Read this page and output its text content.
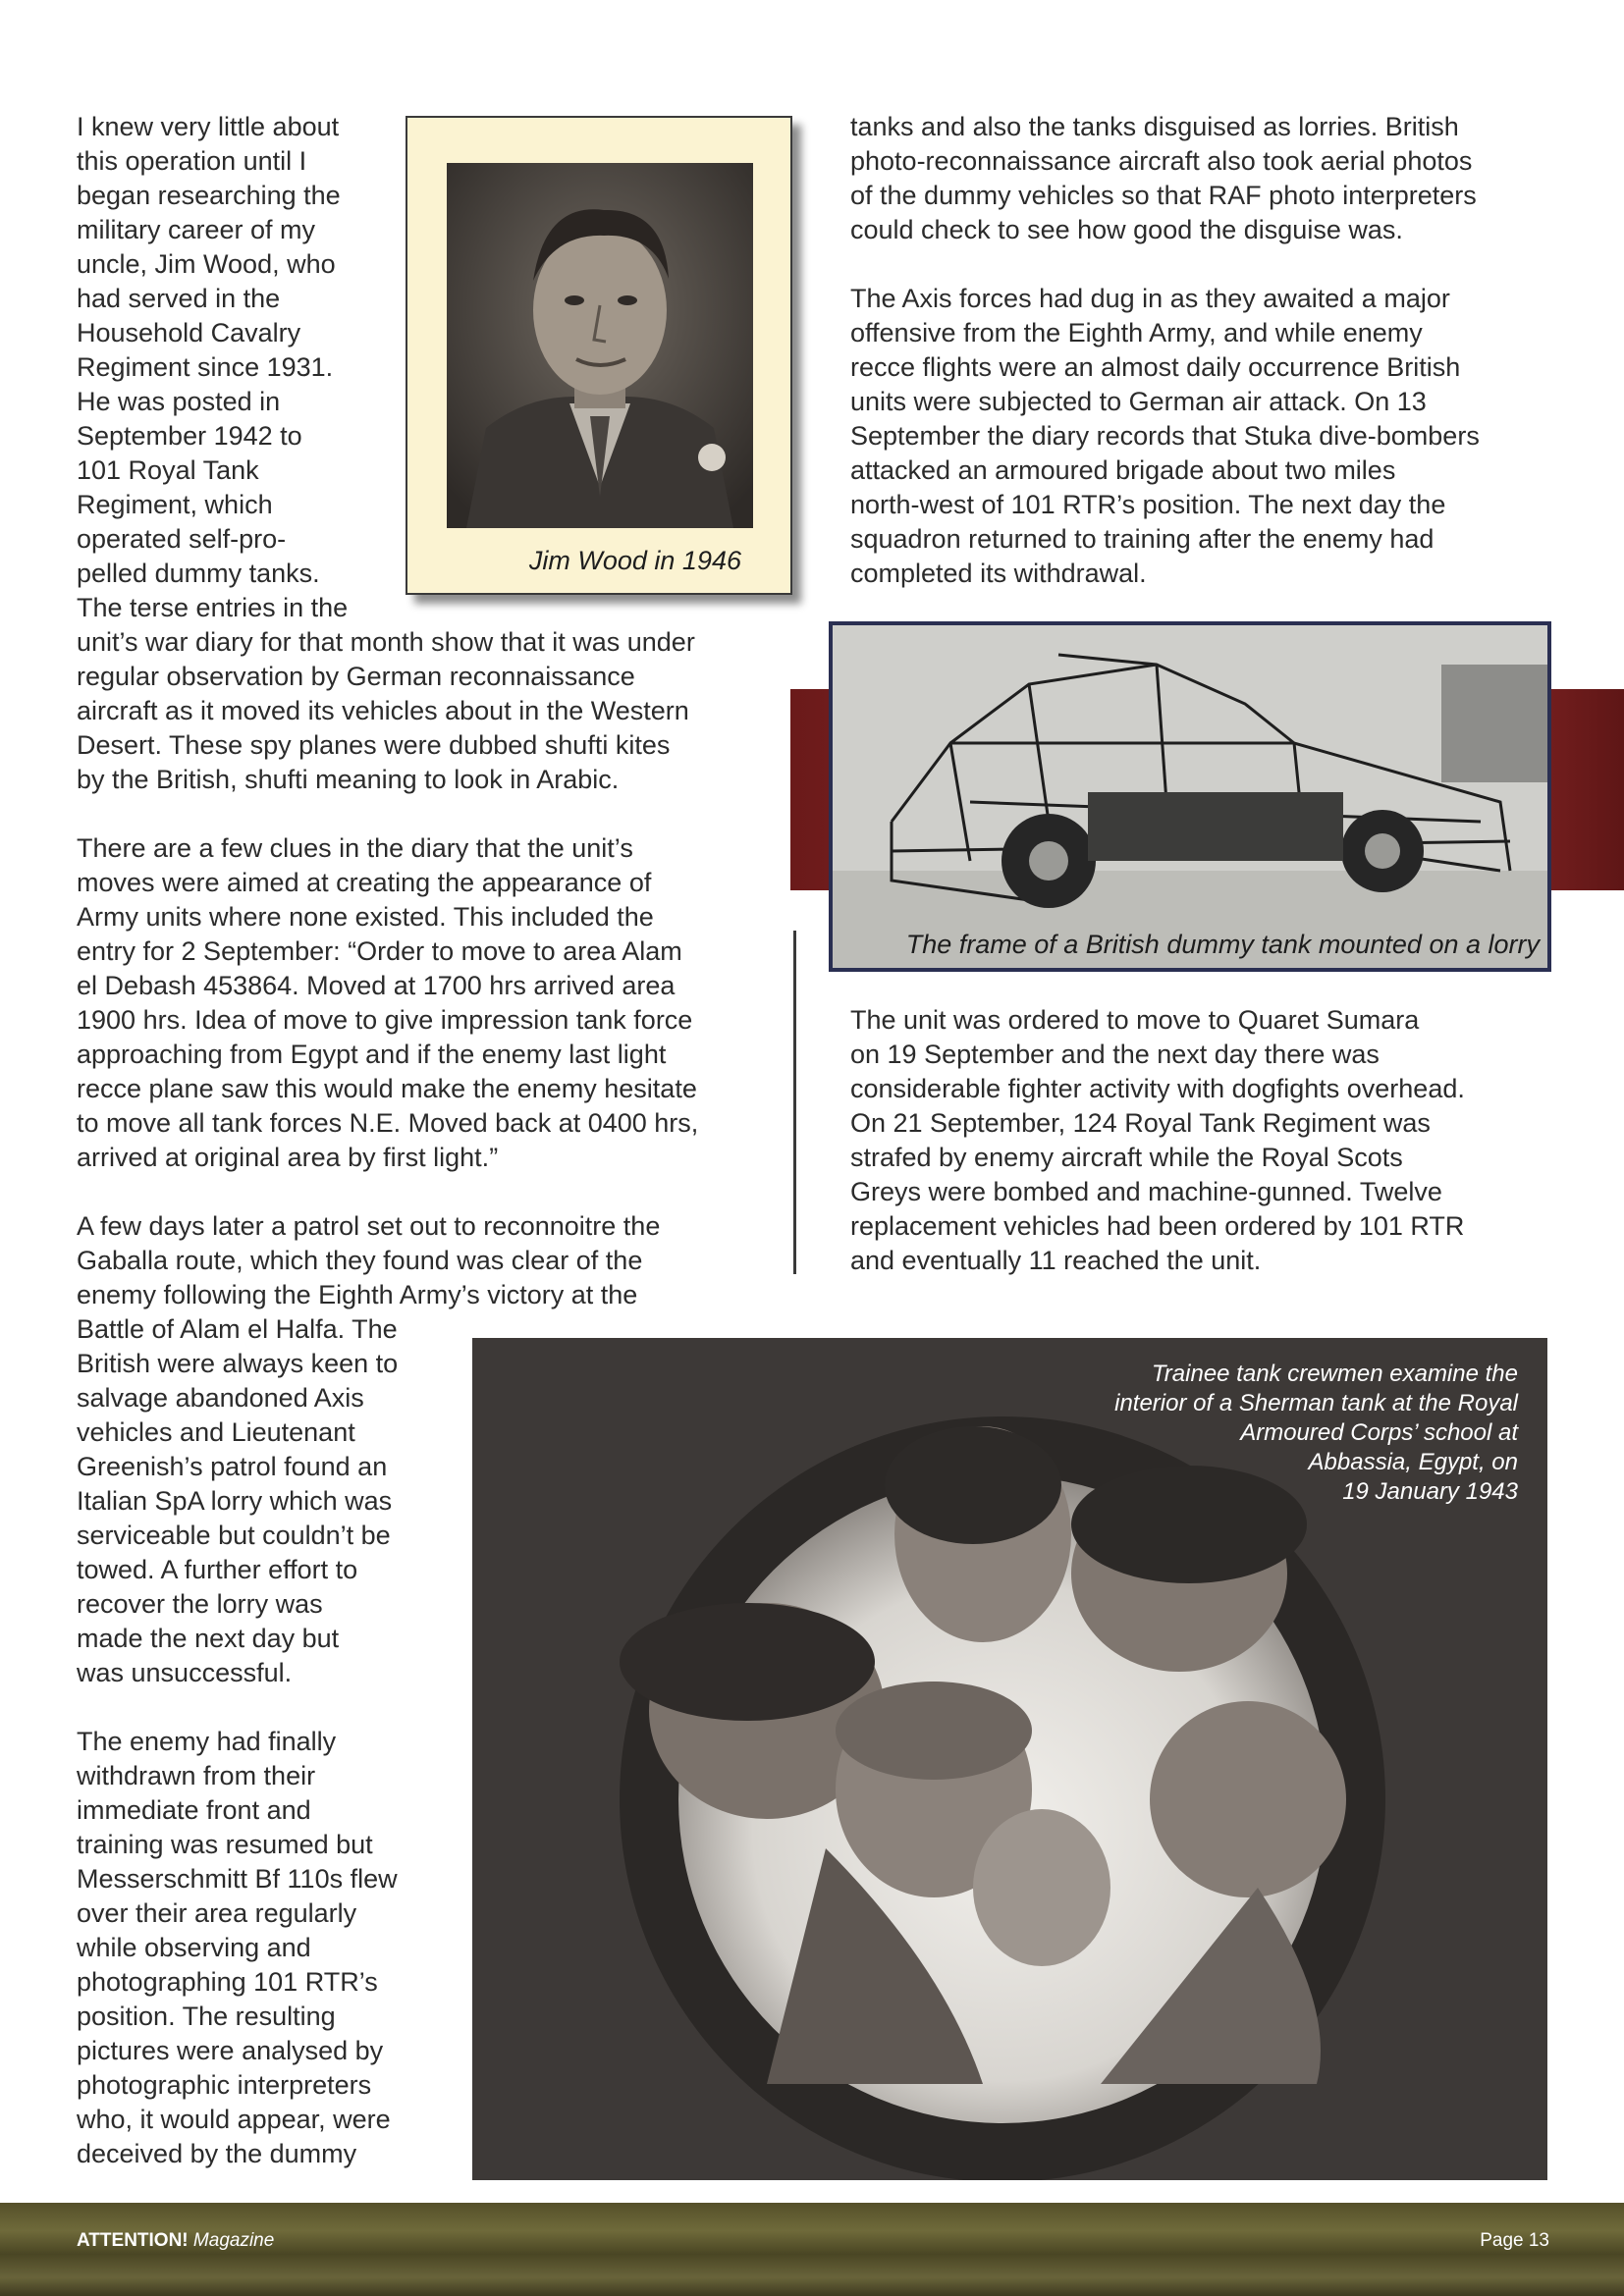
I knew very little about
this operation until I
began researching the
military career of my
uncle, Jim Wood, who
had served in the
Household Cavalry
Regiment since 1931.
He was posted in
September 1942 to
101 Royal Tank
Regiment, which
operated self-pro-
pelled dummy tanks.
The terse entries in the
unit’s war diary for that month show that it was under
regular observation by German reconnaissance
aircraft as it moved its vehicles about in the Western
Desert. These spy planes were dubbed shufti kites
by the British, shufti meaning to look in Arabic.
There are a few clues in the diary that the unit’s
moves were aimed at creating the appearance of
Army units where none existed. This included the
entry for 2 September: “Order to move to area Alam
el Debash 453864. Moved at 1700 hrs arrived area
1900 hrs. Idea of move to give impression tank force
approaching from Egypt and if the enemy last light
recce plane saw this would make the enemy hesitate
to move all tank forces N.E. Moved back at 0400 hrs,
arrived at original area by first light.”
A few days later a patrol set out to reconnoitre the
Gaballa route, which they found was clear of the
enemy following the Eighth Army’s victory at the
Battle of Alam el Halfa. The
British were always keen to
salvage abandoned Axis
vehicles and Lieutenant
Greenish’s patrol found an
Italian SpA lorry which was
serviceable but couldn’t be
towed. A further effort to
recover the lorry was
made the next day but
was unsuccessful.
The enemy had finally
withdrawn from their
immediate front and
training was resumed but
Messerschmitt Bf 110s flew
over their area regularly
while observing and
photographing 101 RTR’s
position. The resulting
pictures were analysed by
photographic interpreters
who, it would appear, were
deceived by the dummy
Jim Wood in 1946
tanks and also the tanks disguised as lorries. British
photo-reconnaissance aircraft also took aerial photos
of the dummy vehicles so that RAF photo interpreters
could check to see how good the disguise was.
The Axis forces had dug in as they awaited a major
offensive from the Eighth Army, and while enemy
recce flights were an almost daily occurrence British
units were subjected to German air attack. On 13
September the diary records that Stuka dive-bombers
attacked an armoured brigade about two miles
north-west of 101 RTR’s position. The next day the
squadron returned to training after the enemy had
completed its withdrawal.
The frame of a British dummy tank mounted on a lorry
The unit was ordered to move to Quaret Sumara
on 19 September and the next day there was
considerable fighter activity with dogfights overhead.
On 21 September, 124 Royal Tank Regiment was
strafed by enemy aircraft while the Royal Scots
Greys were bombed and machine-gunned. Twelve
replacement vehicles had been ordered by 101 RTR
and eventually 11 reached the unit.
Trainee tank crewmen examine the
interior of a Sherman tank at the Royal
Armoured Corps’ school at
Abbassia, Egypt, on
19 January 1943
ATTENTION! Magazine	Page 13
